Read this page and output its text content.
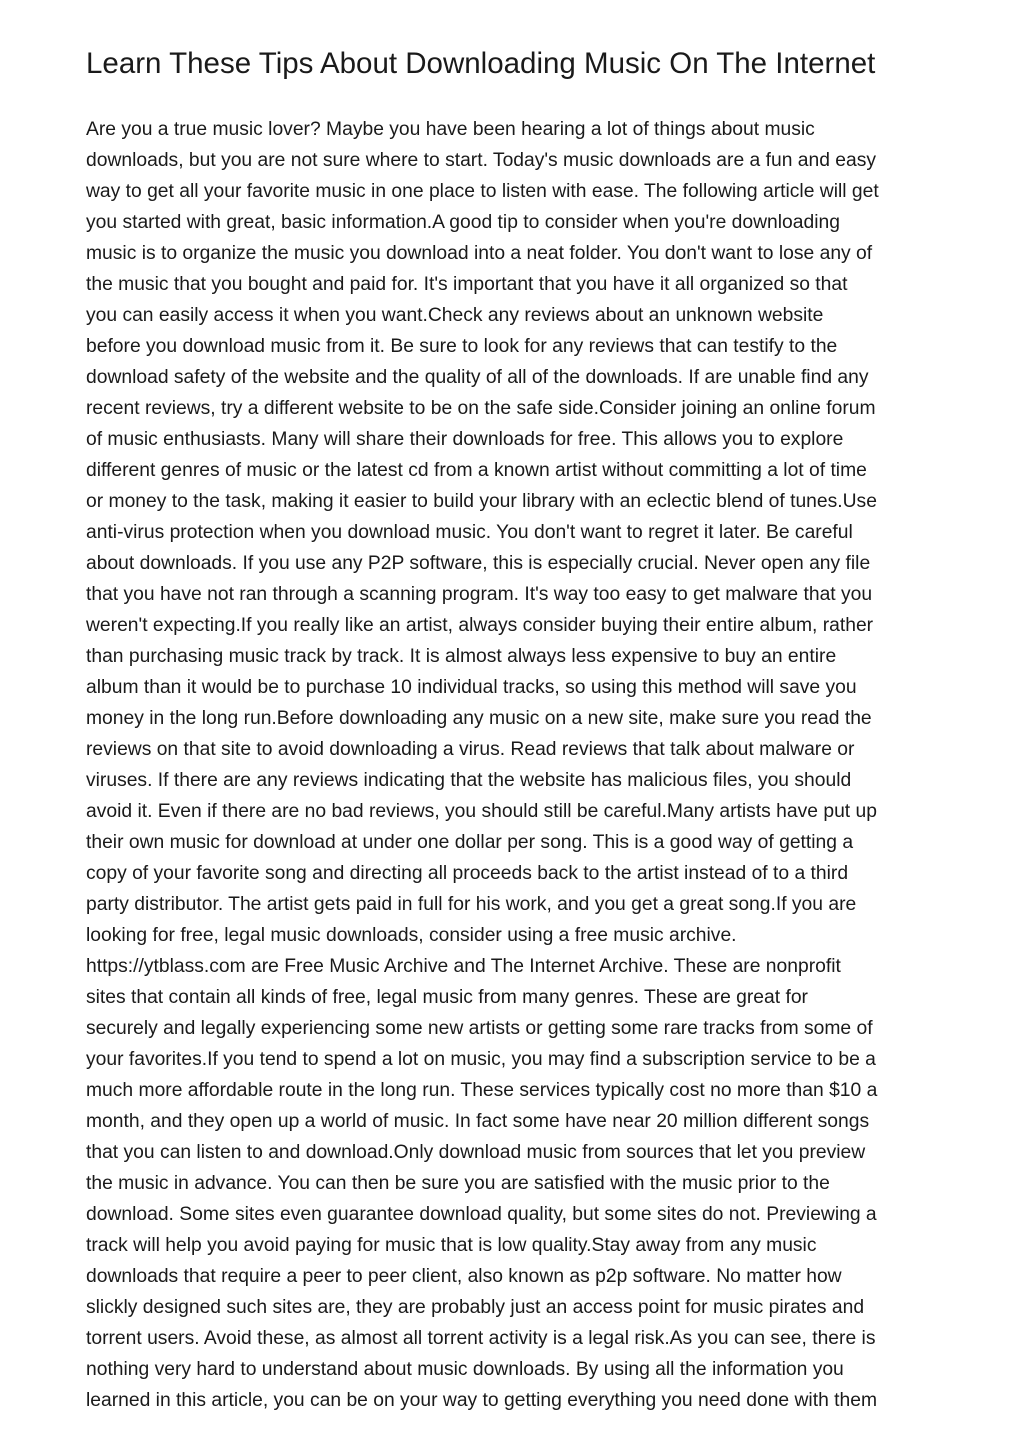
Learn These Tips About Downloading Music On The Internet
Are you a true music lover? Maybe you have been hearing a lot of things about music
downloads, but you are not sure where to start. Today's music downloads are a fun and easy
way to get all your favorite music in one place to listen with ease. The following article will get
you started with great, basic information.A good tip to consider when you're downloading
music is to organize the music you download into a neat folder. You don't want to lose any of
the music that you bought and paid for. It's important that you have it all organized so that
you can easily access it when you want.Check any reviews about an unknown website
before you download music from it. Be sure to look for any reviews that can testify to the
download safety of the website and the quality of all of the downloads. If are unable find any
recent reviews, try a different website to be on the safe side.Consider joining an online forum
of music enthusiasts. Many will share their downloads for free. This allows you to explore
different genres of music or the latest cd from a known artist without committing a lot of time
or money to the task, making it easier to build your library with an eclectic blend of tunes.Use
anti-virus protection when you download music. You don't want to regret it later. Be careful
about downloads. If you use any P2P software, this is especially crucial. Never open any file
that you have not ran through a scanning program. It's way too easy to get malware that you
weren't expecting.If you really like an artist, always consider buying their entire album, rather
than purchasing music track by track. It is almost always less expensive to buy an entire
album than it would be to purchase 10 individual tracks, so using this method will save you
money in the long run.Before downloading any music on a new site, make sure you read the
reviews on that site to avoid downloading a virus. Read reviews that talk about malware or
viruses. If there are any reviews indicating that the website has malicious files, you should
avoid it. Even if there are no bad reviews, you should still be careful.Many artists have put up
their own music for download at under one dollar per song. This is a good way of getting a
copy of your favorite song and directing all proceeds back to the artist instead of to a third
party distributor. The artist gets paid in full for his work, and you get a great song.If you are
looking for free, legal music downloads, consider using a free music archive.
https://ytblass.com are Free Music Archive and The Internet Archive. These are nonprofit
sites that contain all kinds of free, legal music from many genres. These are great for
securely and legally experiencing some new artists or getting some rare tracks from some of
your favorites.If you tend to spend a lot on music, you may find a subscription service to be a
much more affordable route in the long run. These services typically cost no more than $10 a
month, and they open up a world of music. In fact some have near 20 million different songs
that you can listen to and download.Only download music from sources that let you preview
the music in advance. You can then be sure you are satisfied with the music prior to the
download. Some sites even guarantee download quality, but some sites do not. Previewing a
track will help you avoid paying for music that is low quality.Stay away from any music
downloads that require a peer to peer client, also known as p2p software. No matter how
slickly designed such sites are, they are probably just an access point for music pirates and
torrent users. Avoid these, as almost all torrent activity is a legal risk.As you can see, there is
nothing very hard to understand about music downloads. By using all the information you
learned in this article, you can be on your way to getting everything you need done with them
